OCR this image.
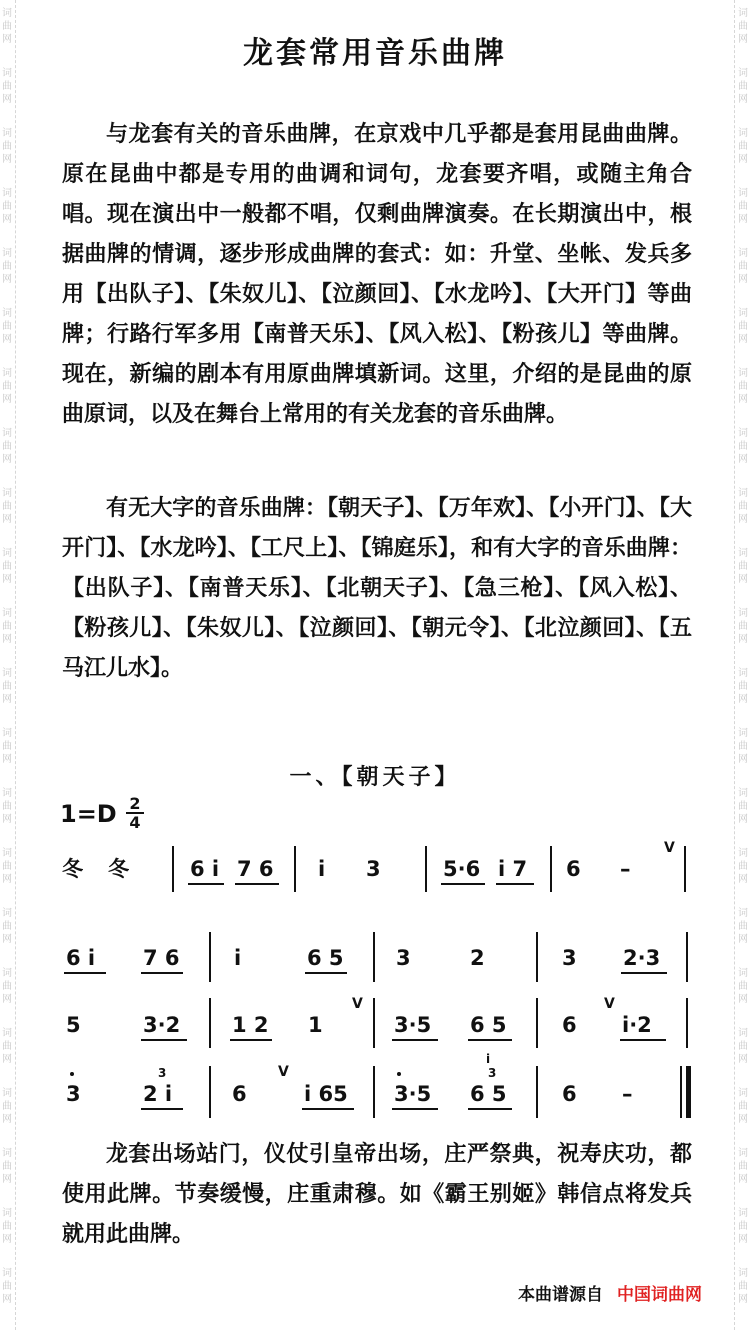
词
曲
网
词
曲
网
词
曲
网
词
曲
网
词
曲
网
词
曲
网
词
曲
网
词
曲
网
词
曲
网
词
曲
网
词
曲
网
词
曲
网
词
曲
网
词
曲
网
词
曲
网
词
曲
网
词
曲
网
词
曲
网
词
曲
网
词
曲
网
词
曲
网
词
曲
网
词
曲
网
词
曲
网
词
曲
网
词
曲
网
词
曲
网
词
曲
网
词
曲
网
词
曲
网
词
曲
网
词
曲
网
词
曲
网
词
曲
网
词
曲
网
词
曲
网
词
曲
网
词
曲
网
词
曲
网
词
曲
网
词
曲
网
词
曲
网
词
曲
网
词
曲
网
龙套常用音乐曲牌

与龙套有关的音乐曲牌，在京戏中几乎都是套用昆曲曲牌。原在昆曲中都是专用的曲调和词句，龙套要齐唱，或随主角合唱。现在演出中一般都不唱，仅剩曲牌演奏。在长期演出中，根据曲牌的情调，逐步形成曲牌的套式：如：升堂、坐帐、发兵多用【出队子】、【朱奴儿】、【泣颜回】、【水龙吟】、【大开门】等曲牌；行路行军多用【南普天乐】、【风入松】、【粉孩儿】等曲牌。现在，新编的剧本有用原曲牌填新词。这里，介绍的是昆曲的原曲原词，以及在舞台上常用的有关龙套的音乐曲牌。

有无大字的音乐曲牌：【朝天子】、【万年欢】、【小开门】、【大开门】、【水龙吟】、【工尺上】、【锦庭乐】，和有大字的音乐曲牌：【出队子】、【南普天乐】、【北朝天子】、【急三枪】、【风入松】、【粉孩儿】、【朱奴儿】、【泣颜回】、【朝元令】、【北泣颜回】、【五马江儿水】。

一、【朝天子】
1=D 2
4
冬 冬	6 i 7 6 i 3	5·6 i 7 6 –
V
6 i 7 6	i	6 5 3	2	3 2·3
5	3·2 1 2 1
V
3·5 6 5	6
V
i·2
3
3
2 i	6
V
i 65 3·5
3
i
6 5	6 –

龙套出场站门，仪仗引皇帝出场，庄严祭典，祝寿庆功，都使用此牌。节奏缓慢，庄重肃穆。如《霸王别姬》韩信点将发兵就用此曲牌。

本曲谱源自 中国词曲网
